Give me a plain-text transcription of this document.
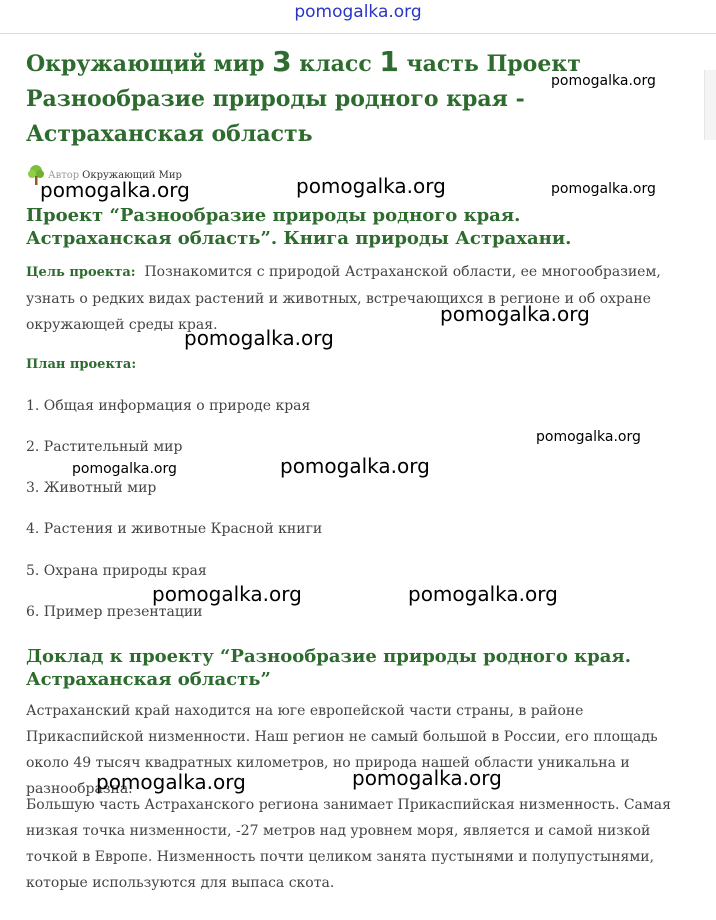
pomogalka.org
Окружающий мир 3 класс 1 часть Проект Разнообразие природы родного края - Астраханская область
Автор Окружающий Мир
Проект “Разнообразие природы родного края. Астраханская область”. Книга природы Астрахани.

Цель проекта: Познакомится с природой Астраханской области, ее многообразием, узнать о редких видах растений и животных, встречающихся в регионе и об охране окружающей среды края.

План проекта:

1. Общая информация о природе края
2. Растительный мир
3. Животный мир
4. Растения и животные Красной книги
5. Охрана природы края
6. Пример презентации
Доклад к проекту “Разнообразие природы родного края. Астраханская область”

Астраханский край находится на юге европейской части страны, в районе Прикаспийской низменности. Наш регион не самый большой в России, его площадь около 49 тысяч квадратных километров, но природа нашей области уникальна и разнообразна.

Большую часть Астраханского региона занимает Прикаспийская низменность. Самая низкая точка низменности, -27 метров над уровнем моря, является и самой низкой точкой в Европе. Низменность почти целиком занята пустынями и полупустынями, которые используются для выпаса скота.

pomogalka.org
pomogalka.org	pomogalka.org	pomogalka.org
pomogalka.org
pomogalka.org
pomogalka.org
pomogalka.org	pomogalka.org
pomogalka.org	pomogalka.org
pomogalka.org	pomogalka.org
